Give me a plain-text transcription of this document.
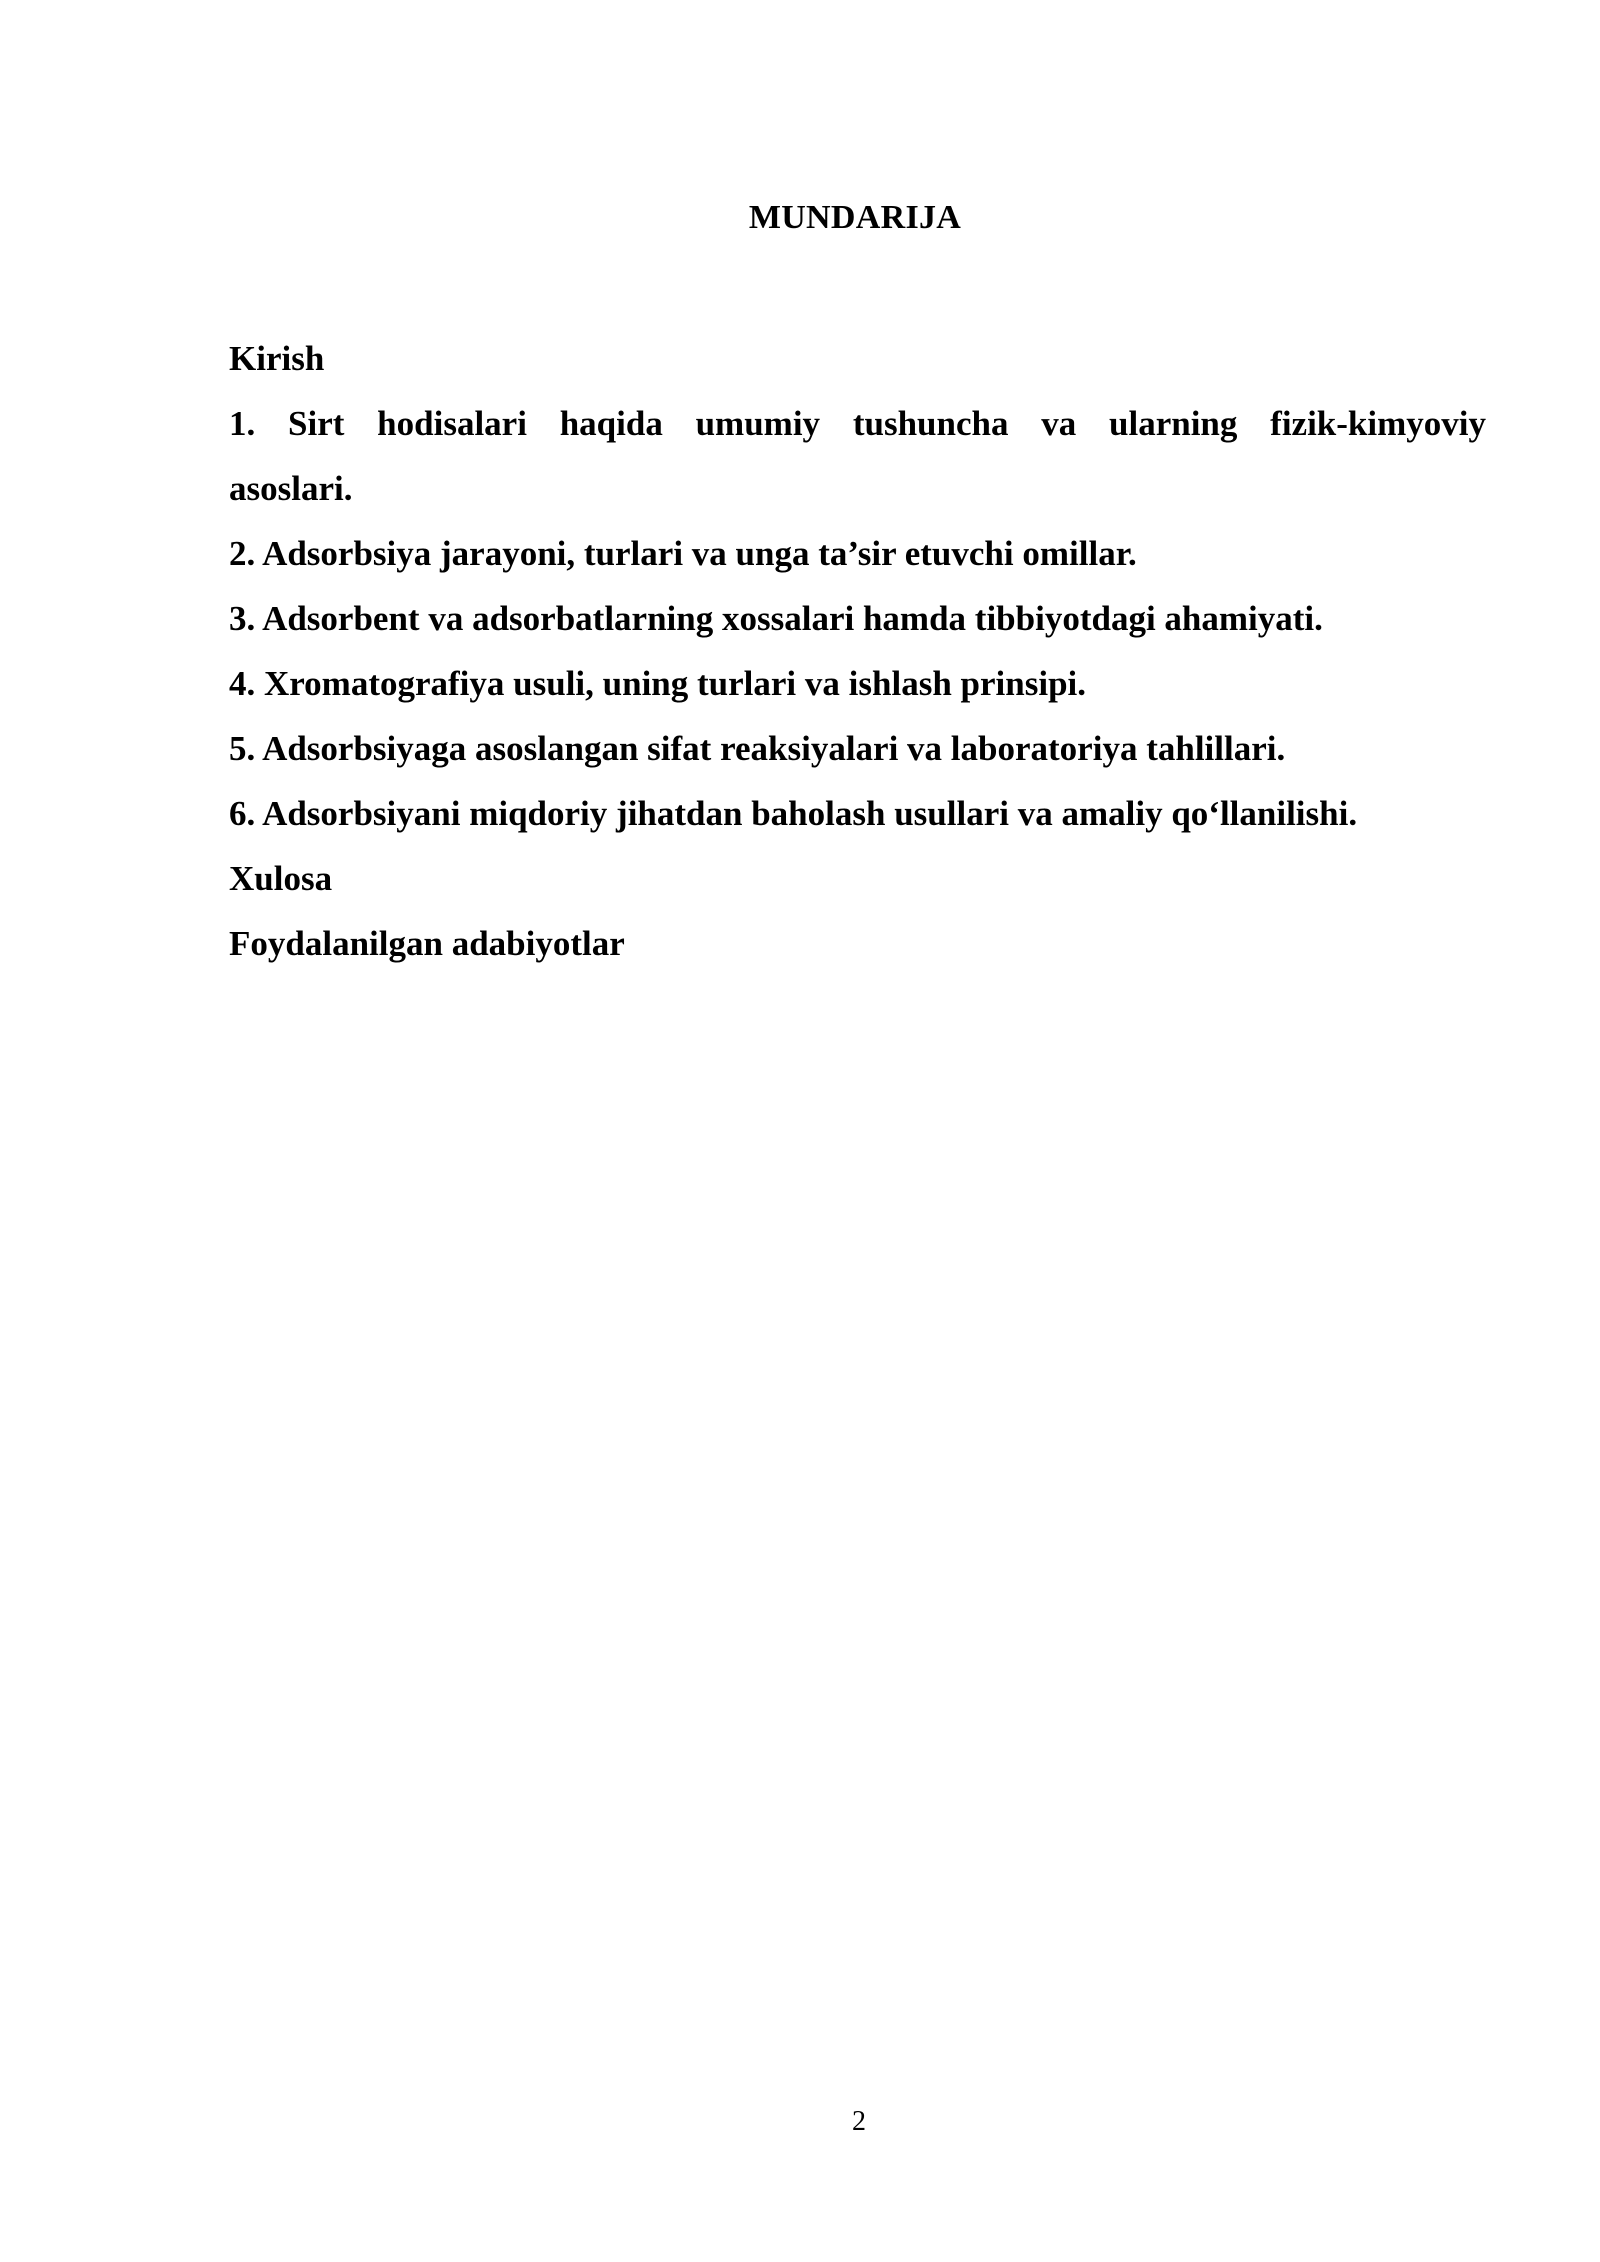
MUNDARIJA
Kirish
1. Sirt hodisalari haqida umumiy tushuncha va ularning fizik-kimyoviy
asoslari.
2. Adsorbsiya jarayoni, turlari va unga ta’sir etuvchi omillar.
3. Adsorbent va adsorbatlarning xossalari hamda tibbiyotdagi ahamiyati.
4. Xromatografiya usuli, uning turlari va ishlash prinsipi.
5. Adsorbsiyaga asoslangan sifat reaksiyalari va laboratoriya tahlillari.
6. Adsorbsiyani miqdoriy jihatdan baholash usullari va amaliy qo‘llanilishi.
Xulosa
Foydalanilgan adabiyotlar
2
